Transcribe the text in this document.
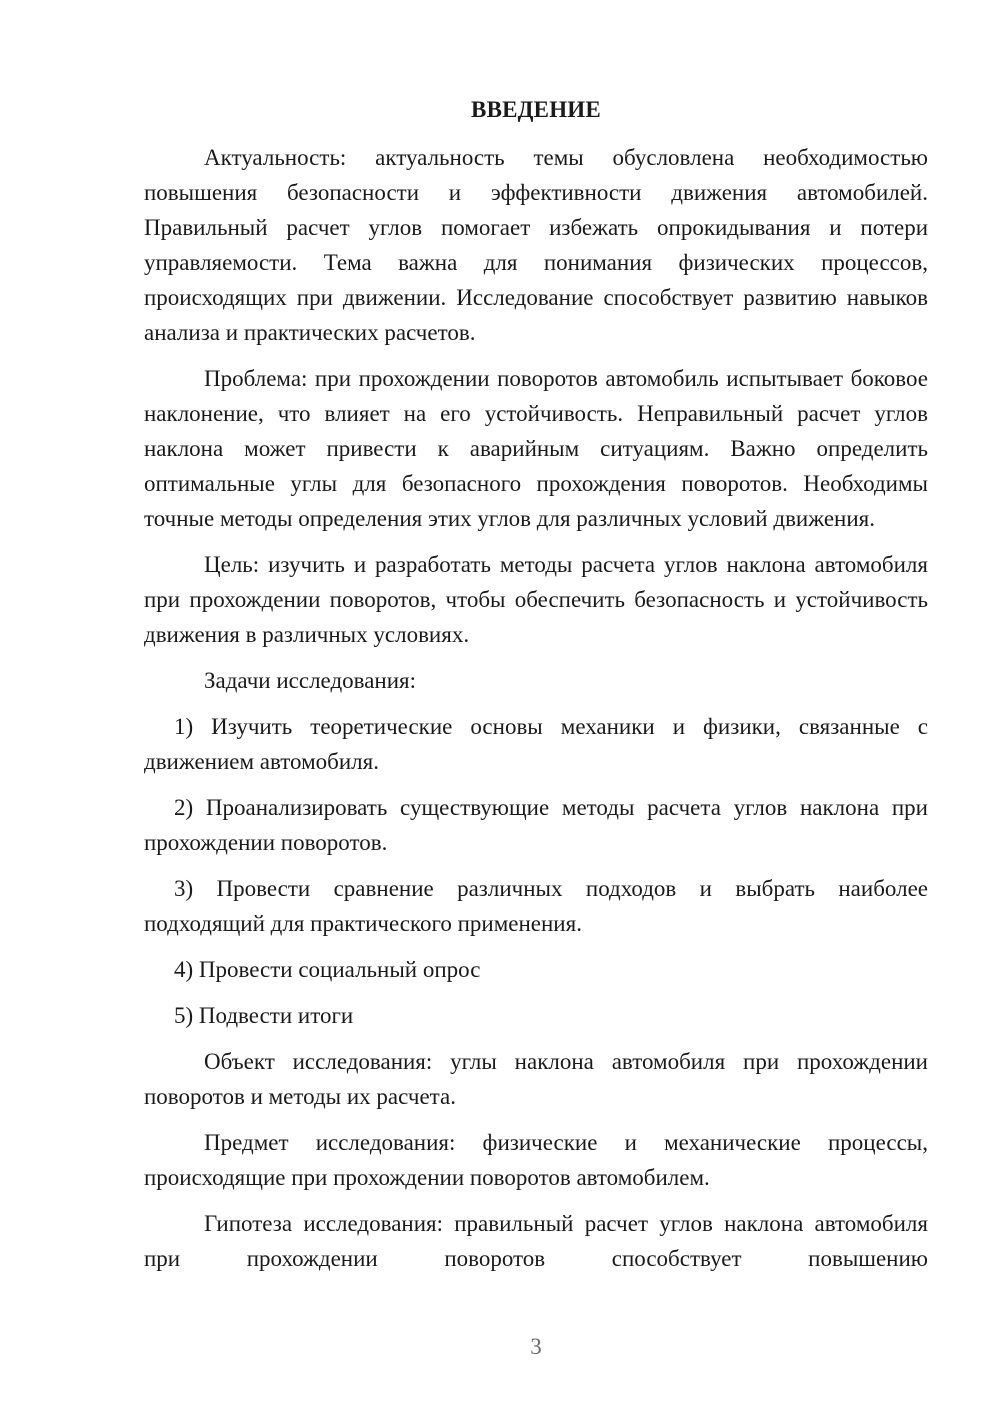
ВВЕДЕНИЕ

Актуальность: актуальность темы обусловлена необходимостью повышения безопасности и эффективности движения автомобилей. Правильный расчет углов помогает избежать опрокидывания и потери управляемости. Тема важна для понимания физических процессов, происходящих при движении. Исследование способствует развитию навыков анализа и практических расчетов.

Проблема: при прохождении поворотов автомобиль испытывает боковое наклонение, что влияет на его устойчивость. Неправильный расчет углов наклона может привести к аварийным ситуациям. Важно определить оптимальные углы для безопасного прохождения поворотов. Необходимы точные методы определения этих углов для различных условий движения.

Цель: изучить и разработать методы расчета углов наклона автомобиля при прохождении поворотов, чтобы обеспечить безопасность и устойчивость движения в различных условиях.

Задачи исследования:

1) Изучить теоретические основы механики и физики, связанные с движением автомобиля.

2) Проанализировать существующие методы расчета углов наклона при прохождении поворотов.

3) Провести сравнение различных подходов и выбрать наиболее подходящий для практического применения.

4) Провести социальный опрос

5) Подвести итоги

Объект исследования: углы наклона автомобиля при прохождении поворотов и методы их расчета.

Предмет исследования: физические и механические процессы, происходящие при прохождении поворотов автомобилем.

Гипотеза исследования: правильный расчет углов наклона автомобиля при прохождении поворотов способствует повышению

3
